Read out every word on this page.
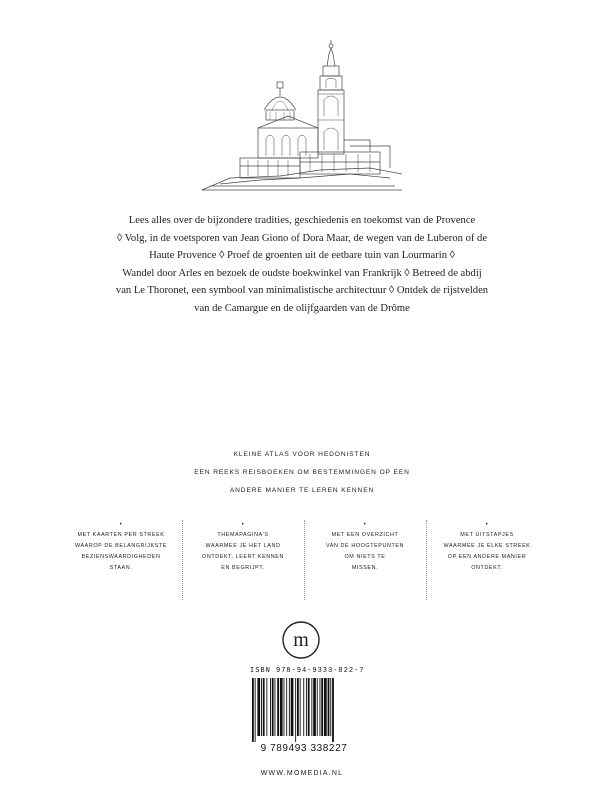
Lees alles over de bijzondere tradities, geschiedenis en toekomst van de Provence

◊ Volg, in de voetsporen van Jean Giono of Dora Maar, de wegen van de Luberon of de

Haute Provence ◊ Proef de groenten uit de eetbare tuin van Lourmarin ◊

Wandel door Arles en bezoek de oudste boekwinkel van Frankrijk ◊ Betreed de abdij

van Le Thoronet, een symbool van minimalistische architectuur ◊ Ontdek de rijstvelden

van de Camargue en de olijfgaarden van de Drôme

KLEINE ATLAS VOOR HEDONISTEN
EEN REEKS REISBOEKEN OM BESTEMMINGEN OP EEN
ANDERE MANIER TE LEREN KENNEN
•
MET KAARTEN PER STREEK
WAAROP DE BELANGRIJKSTE
BEZIENSWAARDIGHEDEN
STAAN.
•
THEMAPAGINA'S
WAARMEE JE HET LAND
ONTDEKT, LEERT KENNEN
EN BEGRIJPT.
•
MET EEN OVERZICHT
VAN DE HOOGTEPUNTEN
OM NIETS TE
MISSEN.
•
MET UITSTAPJES
WAARMEE JE ELKE STREEK
OP EEN ANDERE MANIER
ONTDEKT.
m
ISBN 978-94-9333-822-7
9 789493 338227
WWW.MOMEDIA.NL
